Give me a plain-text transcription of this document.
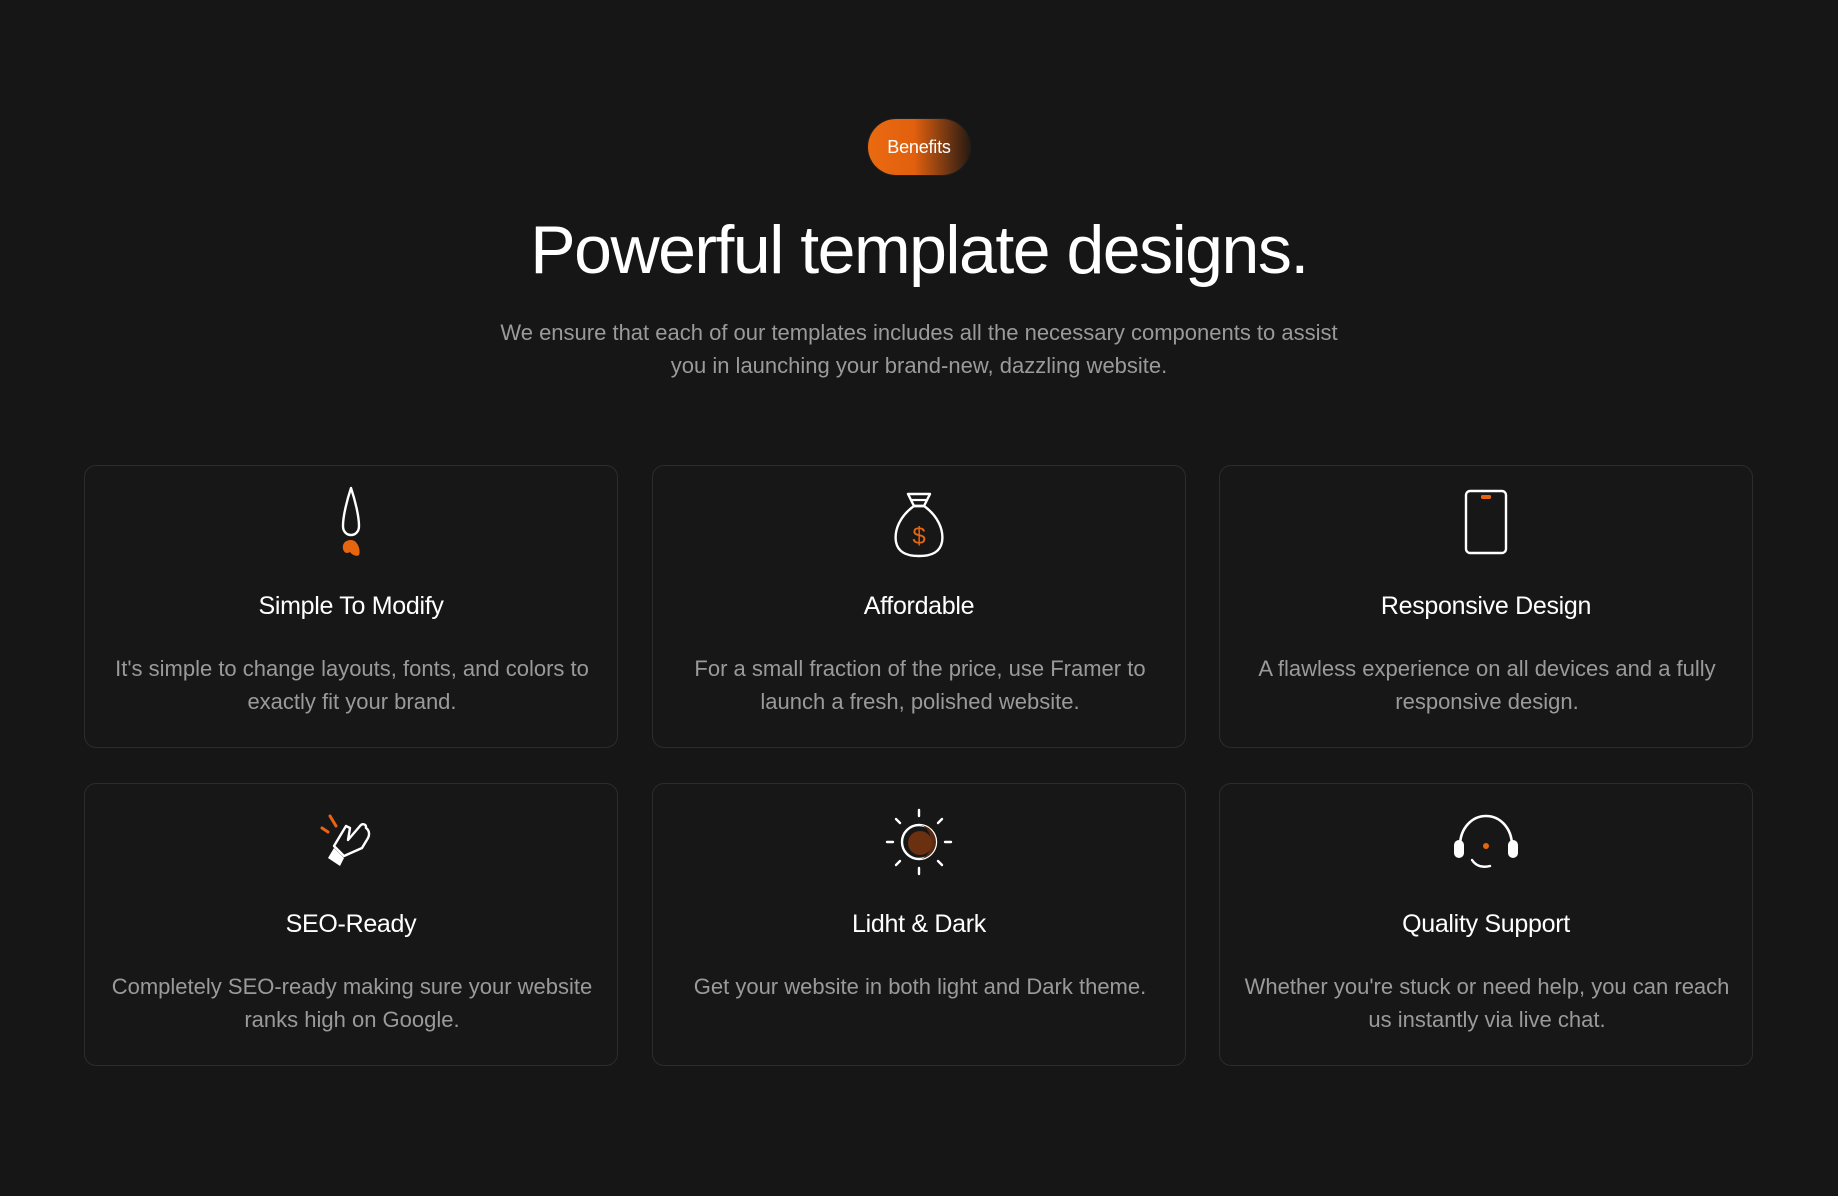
Benefits
Powerful template designs.

We ensure that each of our templates includes all the necessary components to assist you in launching your brand-new, dazzling website.

Simple To Modify
It's simple to change layouts, fonts, and colors to exactly fit your brand.
$
Affordable
For a small fraction of the price, use Framer to launch a fresh, polished website.
Responsive Design
A flawless experience on all devices and a fully responsive design.
SEO-Ready
Completely SEO-ready making sure your website ranks high on Google.
Lidht & Dark
Get your website in both light and Dark theme.
Quality Support
Whether you're stuck or need help, you can reach us instantly via live chat.
